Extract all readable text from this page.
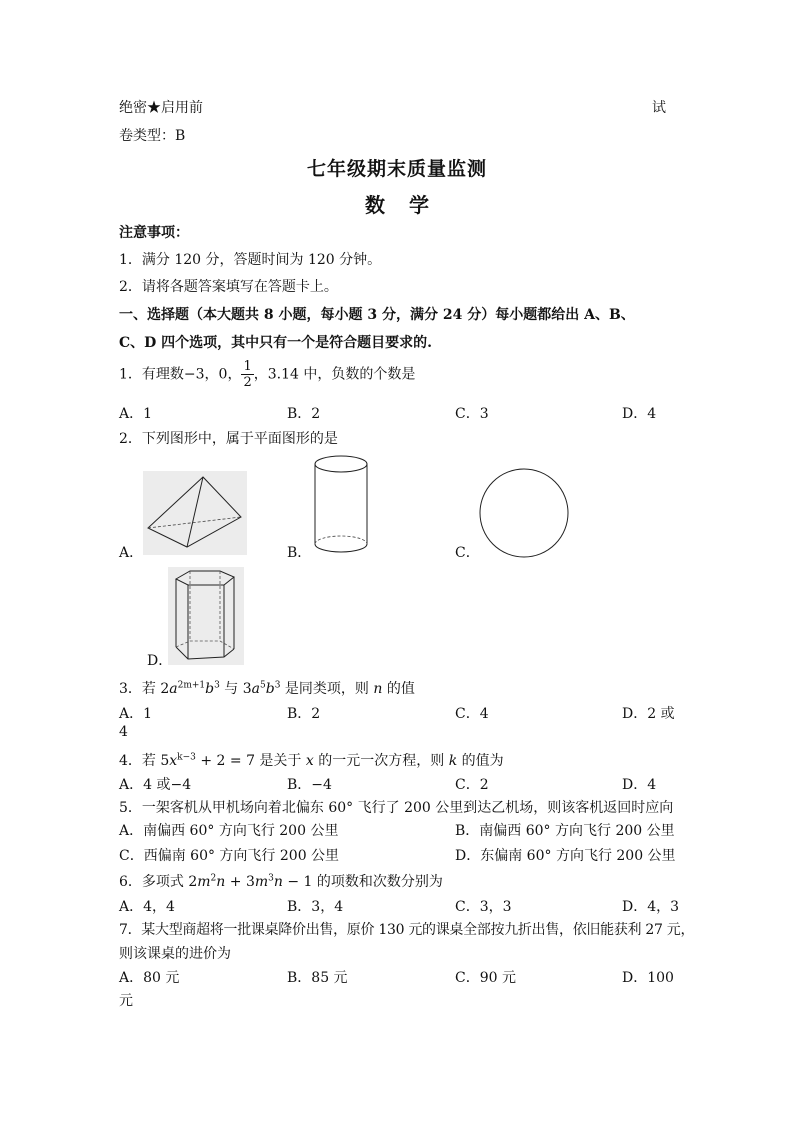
绝密★启用前	试
卷类型：B
七年级期末质量监测
数学
注意事项：
1．满分 120 分，答题时间为 120 分钟。
2．请将各题答案填写在答题卡上。
一、选择题（本大题共 8 小题，每小题 3 分，满分 24 分）每小题都给出 A、B、
C、D 四个选项，其中只有一个是符合题目要求的.
1．有理数−3，0， $\frac{1}{2}$ ，3.14 中，负数的个数是
A．1	B．2	C．3	D．4
2．下列图形中，属于平面图形的是
A．	B．	C．
D．
3．若 $2a^{2m+1}b^3$ 与 $3a^5b^3$ 是同类项，则 n 的值
A．1	B．2	C．4	D．2 或
4
4．若 $5x^{k-3} + 2 = 7$ 是关于 x 的一元一次方程，则 k 的值为
A．4 或−4	B．−4	C．2	D．4
5．一架客机从甲机场向着北偏东 60° 飞行了 200 公里到达乙机场，则该客机返回时应向
A．南偏西 60° 方向飞行 200 公里	B．南偏西 60° 方向飞行 200 公里
C．西偏南 60° 方向飞行 200 公里	D．东偏南 60° 方向飞行 200 公里
6．多项式 $2m^2n + 3m^3n - 1$ 的项数和次数分别为
A．4，4	B．3，4	C．3，3	D．4，3
7．某大型商超将一批课桌降价出售，原价 130 元的课桌全部按九折出售，依旧能获利 27 元，
则该课桌的进价为
A．80 元	B．85 元	C．90 元	D．100
元
